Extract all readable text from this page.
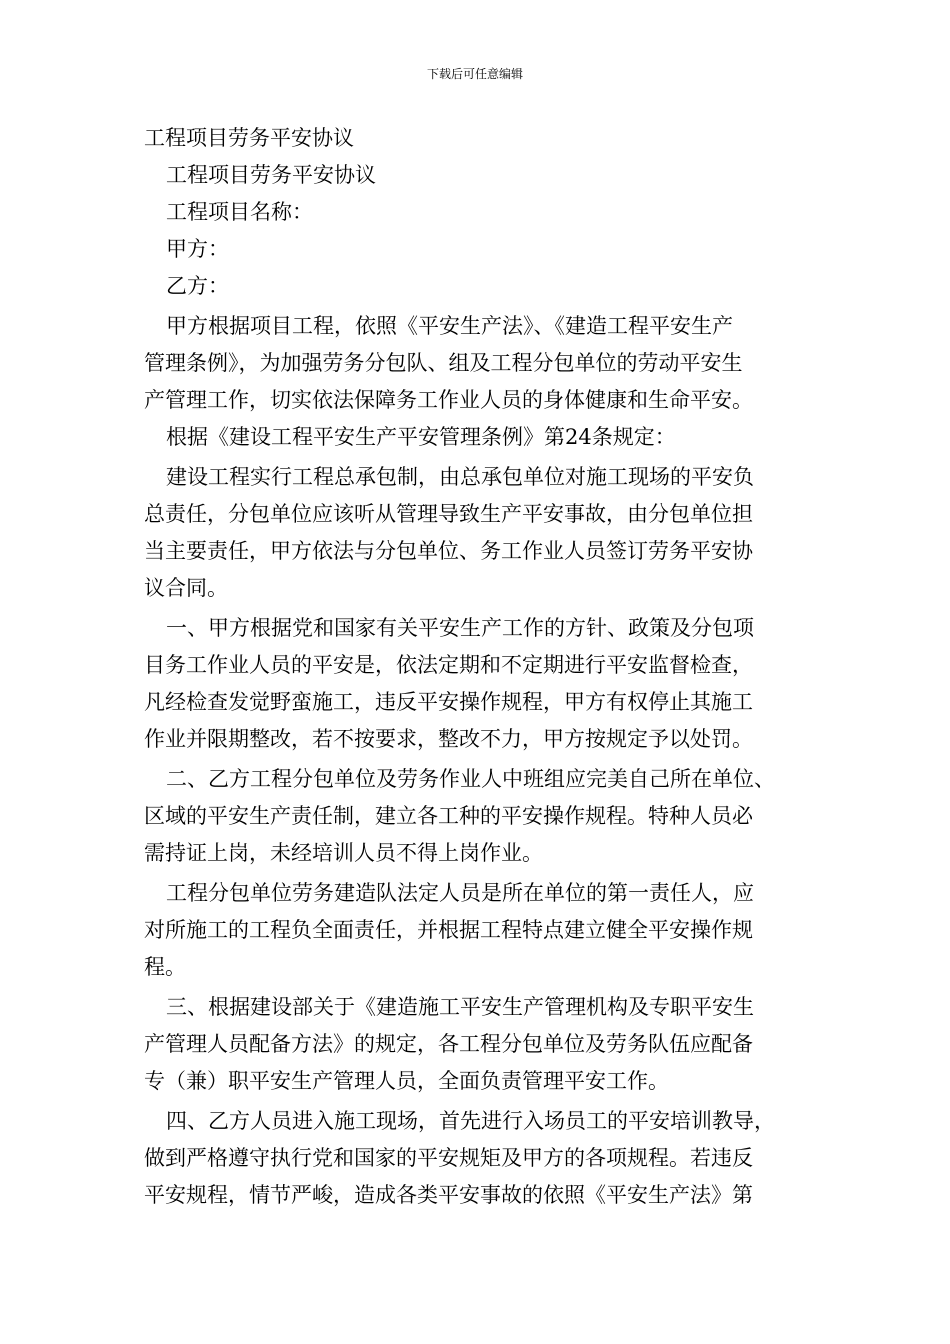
下载后可任意编辑
工程项目劳务平安协议
工程项目劳务平安协议
工程项目名称：
甲方：
乙方：
甲方根据项目工程，依照《平安生产法》、《建造工程平安生产
管理条例》，为加强劳务分包队、组及工程分包单位的劳动平安生
产管理工作，切实依法保障务工作业人员的身体健康和生命平安。
根据《建设工程平安生产平安管理条例》第24条规定：
建设工程实行工程总承包制，由总承包单位对施工现场的平安负
总责任，分包单位应该听从管理导致生产平安事故，由分包单位担
当主要责任，甲方依法与分包单位、务工作业人员签订劳务平安协
议合同。
一、甲方根据党和国家有关平安生产工作的方针、政策及分包项
目务工作业人员的平安是，依法定期和不定期进行平安监督检查，
凡经检查发觉野蛮施工，违反平安操作规程，甲方有权停止其施工
作业并限期整改，若不按要求，整改不力，甲方按规定予以处罚。
二、乙方工程分包单位及劳务作业人中班组应完美自己所在单位、
区域的平安生产责任制，建立各工种的平安操作规程。特种人员必
需持证上岗，未经培训人员不得上岗作业。
工程分包单位劳务建造队法定人员是所在单位的第一责任人，应
对所施工的工程负全面责任，并根据工程特点建立健全平安操作规
程。
三、根据建设部关于《建造施工平安生产管理机构及专职平安生
产管理人员配备方法》的规定，各工程分包单位及劳务队伍应配备
专（兼）职平安生产管理人员，全面负责管理平安工作。
四、乙方人员进入施工现场，首先进行入场员工的平安培训教导，
做到严格遵守执行党和国家的平安规矩及甲方的各项规程。若违反
平安规程，情节严峻，造成各类平安事故的依照《平安生产法》第
